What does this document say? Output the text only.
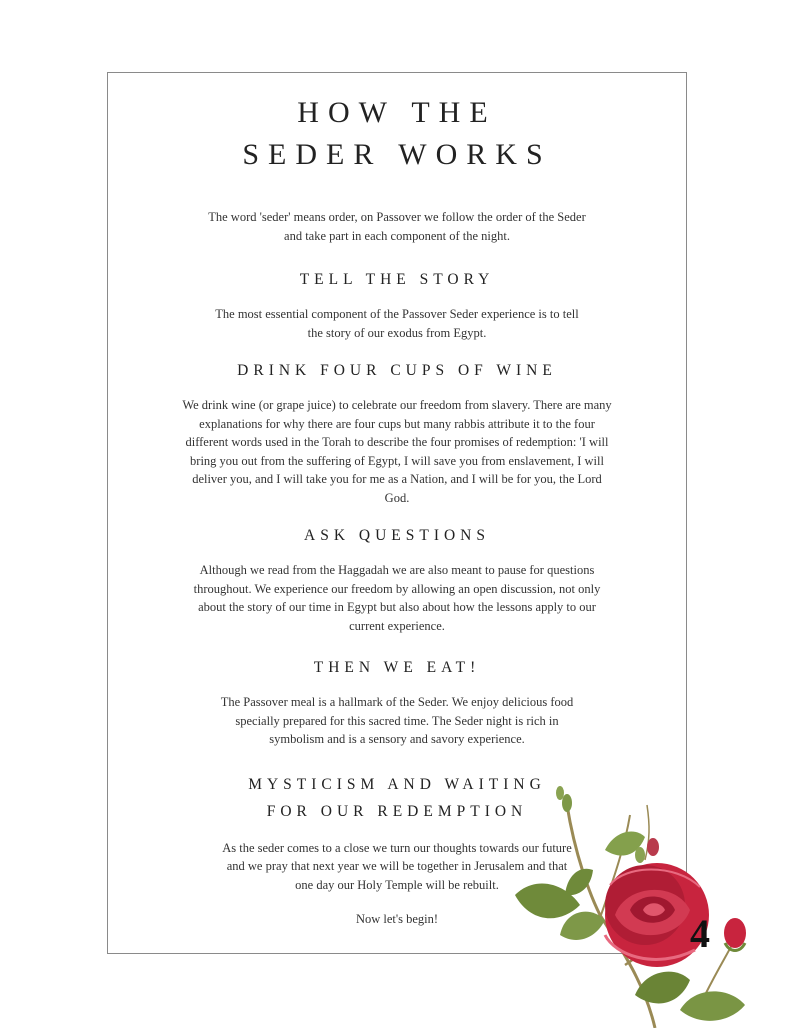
HOW THE
SEDER WORKS

The word 'seder' means order, on Passover we follow the order of the Seder and take part in each component of the night.

TELL THE STORY

The most essential component of the Passover Seder experience is to tell the story of our exodus from Egypt.

DRINK FOUR CUPS OF WINE

We drink wine (or grape juice) to celebrate our freedom from slavery. There are many explanations for why there are four cups but many rabbis attribute it to the four different words used in the Torah to describe the four promises of redemption: 'I will bring you out from the suffering of Egypt, I will save you from enslavement, I will deliver you, and I will take you for me as a Nation, and I will be for you, the Lord God.

ASK QUESTIONS

Although we read from the Haggadah we are also meant to pause for questions throughout. We experience our freedom by allowing an open discussion, not only about the story of our time in Egypt but also about how the lessons apply to our current experience.

THEN WE EAT!

The Passover meal is a hallmark of the Seder. We enjoy delicious food specially prepared for this sacred time. The Seder night is rich in symbolism and is a sensory and savory experience.

MYSTICISM AND WAITING
FOR OUR REDEMPTION

As the seder comes to a close we turn our thoughts towards our future and we pray that next year we will be together in Jerusalem and that one day our Holy Temple will be rebuilt.

Now let's begin!	4
